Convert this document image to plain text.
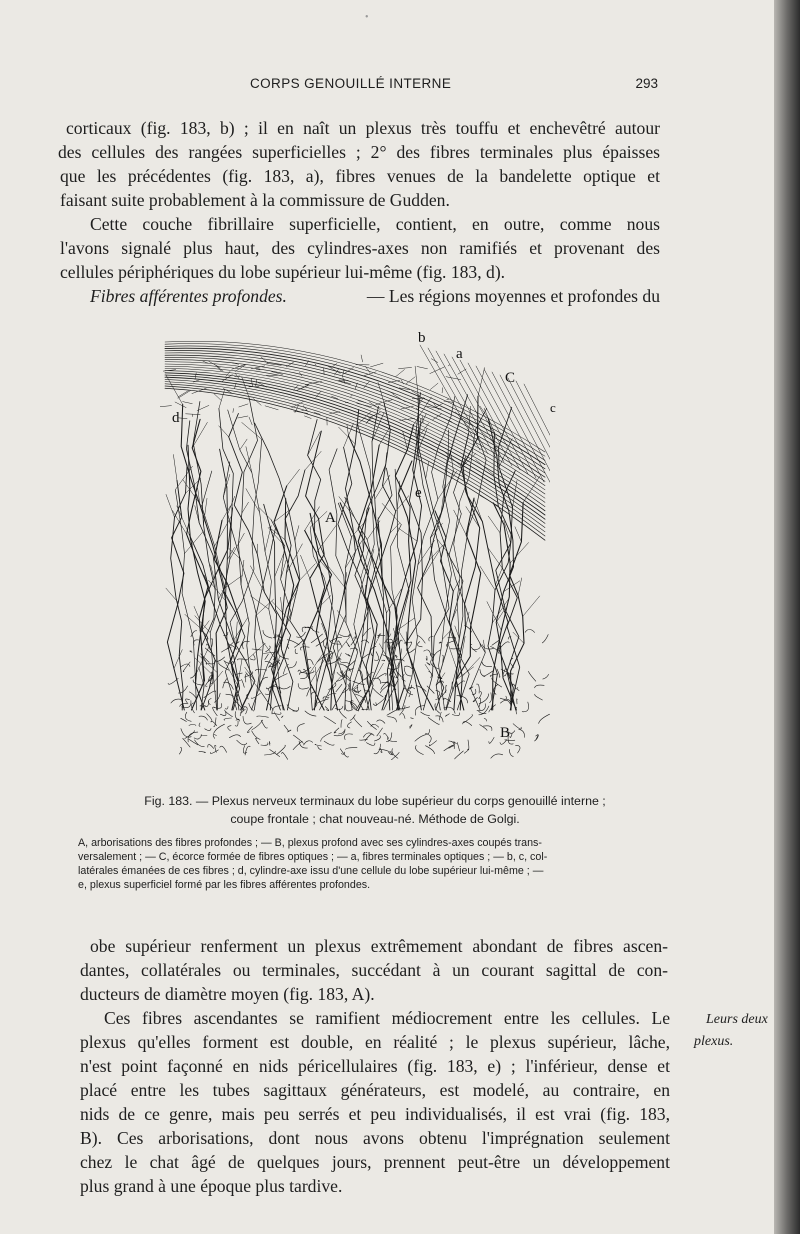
•
CORPS GENOUILLÉ INTERNE	293
corticaux (fig. 183, b) ; il en naît un plexus très touffu et enchevêtré autour
des cellules des rangées superficielles ; 2° des fibres terminales plus épaisses
que les précédentes (fig. 183, a), fibres venues de la bandelette optique et
faisant suite probablement à la commissure de Gudden.
Cette couche fibrillaire superficielle, contient, en outre, comme nous
l'avons signalé plus haut, des cylindres-axes non ramifiés et provenant des
cellules périphériques du lobe supérieur lui-même (fig. 183, d).
Fibres afférentes profondes.	— Les régions moyennes et profondes du
b
a
C
c
d
e
A
B
Fig. 183. — Plexus nerveux terminaux du lobe supérieur du corps genouillé interne ;
coupe frontale ; chat nouveau-né. Méthode de Golgi.
A, arborisations des fibres profondes ; — B, plexus profond avec ses cylindres-axes coupés trans-
versalement ; — C, écorce formée de fibres optiques ; — a, fibres terminales optiques ; — b, c, col-
latérales émanées de ces fibres ; d, cylindre-axe issu d'une cellule du lobe supérieur lui-même ; —
e, plexus superficiel formé par les fibres afférentes profondes.
obe supérieur renferment un plexus extrêmement abondant de fibres ascen-
dantes, collatérales ou terminales, succédant à un courant sagittal de con-
ducteurs de diamètre moyen (fig. 183, A).
Ces fibres ascendantes se ramifient médiocrement entre les cellules. Le
plexus qu'elles forment est double, en réalité ; le plexus supérieur, lâche,
n'est point façonné en nids péricellulaires (fig. 183, e) ; l'inférieur, dense et
placé entre les tubes sagittaux générateurs, est modelé, au contraire, en
nids de ce genre, mais peu serrés et peu individualisés, il est vrai (fig. 183,
B). Ces arborisations, dont nous avons obtenu l'imprégnation seulement
chez le chat âgé de quelques jours, prennent peut-être un développement
plus grand à une époque plus tardive.
Leurs deux
plexus.
